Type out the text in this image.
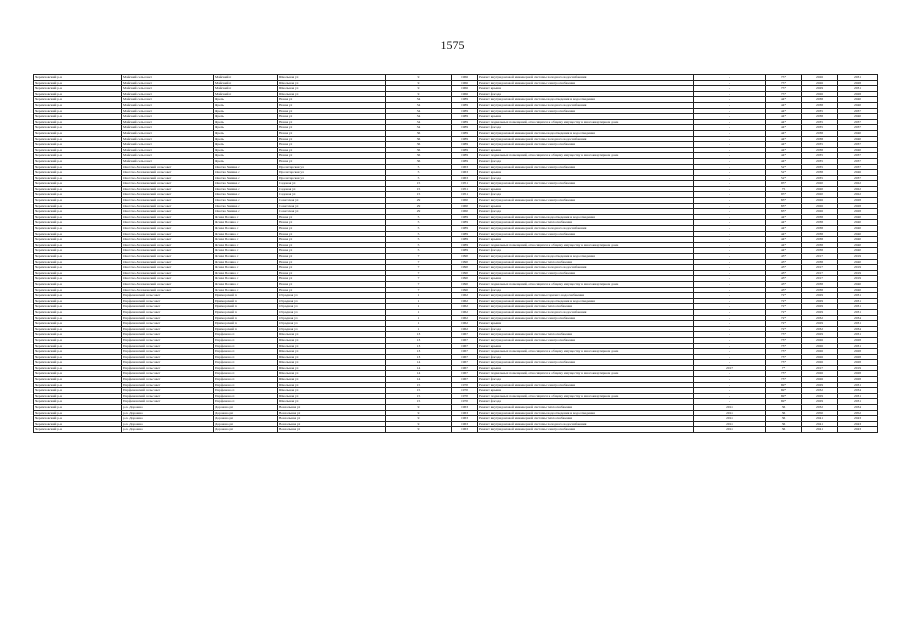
1575
Черемховский р-н	Майский сельсовет	Майский п	Школьная ул	9	1966	Ремонт внутридомовой инженерной системы холодного водоснабжения	-	75*	2026	2031
Черемховский р-н	Майский сельсовет	Майский п	Школьная ул	9	1966	Ремонт внутридомовой инженерной системы электроснабжения	-	75*	2026	2028
Черемховский р-н	Майский сельсовет	Майский п	Школьная ул	9	1966	Ремонт крыши	-	75*	2029	2031
Черемховский р-н	Майский сельсовет	Майский п	Школьная ул	9	1966	Ремонт фасада	-	75*	2026	2028
Черемховский р-н	Майский сельсовет	Ярель	Новая ул	34	1989	Ремонт внутридомовой инженерной системы водоотведения и водоотведения	-	44*	2038	2040
Черемховский р-н	Майский сельсовет	Ярель	Новая ул	34	1989	Ремонт внутридомовой инженерной системы холодного водоснабжения	-	44*	2038	2040
Черемховский р-н	Майский сельсовет	Ярель	Новая ул	34	1989	Ремонт внутридомовой инженерной системы электроснабжения	-	44*	2035	2037
Черемховский р-н	Майский сельсовет	Ярель	Новая ул	34	1989	Ремонт крыши	-	44*	2038	2040
Черемховский р-н	Майский сельсовет	Ярель	Новая ул	34	1989	Ремонт подвальных помещений, относящихся к общему имуществу в многоквартирном доме	-	44*	2035	2037
Черемховский р-н	Майский сельсовет	Ярель	Новая ул	34	1989	Ремонт фасада	-	44*	2035	2037
Черемховский р-н	Майский сельсовет	Ярель	Новая ул	36	1989	Ремонт внутридомовой инженерной системы водоотведения и водоотведения	-	44*	2038	2040
Черемховский р-н	Майский сельсовет	Ярель	Новая ул	36	1989	Ремонт внутридомовой инженерной системы холодного водоснабжения	-	44*	2038	2040
Черемховский р-н	Майский сельсовет	Ярель	Новая ул	36	1989	Ремонт внутридомовой инженерной системы электроснабжения	-	44*	2035	2037
Черемховский р-н	Майский сельсовет	Ярель	Новая ул	36	1989	Ремонт крыши	-	44*	2038	2040
Черемховский р-н	Майский сельсовет	Ярель	Новая ул	36	1989	Ремонт подвальных помещений, относящихся к общему имуществу в многоквартирном доме	-	44*	2035	2037
Черемховский р-н	Майский сельсовет	Ярель	Новая ул	36	1989	Ремонт фасада	-	44*	2035	2037
Черемховский р-н	Онотско-Заломовский сельсовет	Онотка Заимка с	Пролетарская ул	5	1963	Ремонт внутридомовой инженерной системы электроснабжения	-	52*	2035	2037
Черемховский р-н	Онотско-Заломовский сельсовет	Онотка Заимка с	Пролетарская ул	5	1963	Ремонт крыши	-	52*	2038	2046
Черемховский р-н	Онотско-Заломовский сельсовет	Онотка Заимка с	Пролетарская ул	5	1963	Ремонт фасада	-	52*	2035	2037
Черемховский р-н	Онотско-Заломовский сельсовет	Онотка Заимка с	Садовая ул	15	1951	Ремонт внутридомовой инженерной системы электроснабжения	-	95*	2020	2022
Черемховский р-н	Онотско-Заломовский сельсовет	Онотка Заимка с	Садовая ул	15	1951	Ремонт крыши	-	75	2020	2022
Черемховский р-н	Онотско-Заломовский сельсовет	Онотка Заимка с	Садовая ул	15	1951	Ремонт фасада	-	95*	2020	2022
Черемховский р-н	Онотско-Заломовский сельсовет	Онотка Заимка с	Советская ул	29	1960	Ремонт внутридомовой инженерной системы электроснабжения	-	83*	2026	2028
Черемховский р-н	Онотско-Заломовский сельсовет	Онотка Заимка с	Советская ул	29	1960	Ремонт крыши	-	83*	2026	2028
Черемховский р-н	Онотско-Заломовский сельсовет	Онотка Заимка с	Советская ул	29	1960	Ремонт фасада	-	83*	2026	2028
Черемховский р-н	Онотско-Заломовский сельсовет	Ясная Поляна с	Новая ул	5	1989	Ремонт внутридомовой инженерной системы водоотведения и водоотведения	-	44*	2038	2040
Черемховский р-н	Онотско-Заломовский сельсовет	Ясная Поляна с	Новая ул	5	1989	Ремонт внутридомовой инженерной системы теплоснабжения	-	44*	2038	2040
Черемховский р-н	Онотско-Заломовский сельсовет	Ясная Поляна с	Новая ул	5	1989	Ремонт внутридомовой инженерной системы холодного водоснабжения	-	44*	2038	2040
Черемховский р-н	Онотско-Заломовский сельсовет	Ясная Поляна с	Новая ул	5	1989	Ремонт внутридомовой инженерной системы электроснабжения	-	44*	2038	2040
Черемховский р-н	Онотско-Заломовский сельсовет	Ясная Поляна с	Новая ул	5	1989	Ремонт крыши	-	44*	2038	2040
Черемховский р-н	Онотско-Заломовский сельсовет	Ясная Поляна с	Новая ул	5	1989	Ремонт подвальных помещений, относящихся к общему имуществу в многоквартирном доме	-	44*	2038	2040
Черемховский р-н	Онотско-Заломовский сельсовет	Ясная Поляна с	Новая ул	5	1989	Ремонт фасада	-	44*	2038	2040
Черемховский р-н	Онотско-Заломовский сельсовет	Ясная Поляна с	Новая ул	7	1990	Ремонт внутридомовой инженерной системы водоотведения и водоотведения	-	43*	2017	2019
Черемховский р-н	Онотско-Заломовский сельсовет	Ясная Поляна с	Новая ул	7	1990	Ремонт внутридомовой инженерной системы теплоснабжения	-	43*	2038	2040
Черемховский р-н	Онотско-Заломовский сельсовет	Ясная Поляна с	Новая ул	7	1990	Ремонт внутридомовой инженерной системы холодного водоснабжения	-	43*	2017	2019
Черемховский р-н	Онотско-Заломовский сельсовет	Ясная Поляна с	Новая ул	7	1990	Ремонт внутридомовой инженерной системы электроснабжения	-	43*	2017	2019
Черемховский р-н	Онотско-Заломовский сельсовет	Ясная Поляна с	Новая ул	7	1990	Ремонт крыши	-	43*	2017	2019
Черемховский р-н	Онотско-Заломовский сельсовет	Ясная Поляна с	Новая ул	7	1990	Ремонт подвальных помещений, относящихся к общему имуществу в многоквартирном доме	-	43*	2038	2040
Черемховский р-н	Онотско-Заломовский сельсовет	Ясная Поляна с	Новая ул	7	1990	Ремонт фасада	-	43*	2038	2040
Черемховский р-н	Парфеновский сельсовет	Приморский п	Отрадная ул	1	1962	Ремонт внутридомовой инженерной системы горячего водоснабжения	-	72*	2029	2031
Черемховский р-н	Парфеновский сельсовет	Приморский п	Отрадная ул	1	1962	Ремонт внутридомовой инженерной системы водоотведения и водоотведения	-	72*	2029	2031
Черемховский р-н	Парфеновский сельсовет	Приморский п	Отрадная ул	1	1962	Ремонт внутридомовой инженерной системы теплоснабжения	-	72*	2029	2031
Черемховский р-н	Парфеновский сельсовет	Приморский п	Отрадная ул	1	1962	Ремонт внутридомовой инженерной системы холодного водоснабжения	-	72*	2029	2031
Черемховский р-н	Парфеновский сельсовет	Приморский п	Отрадная ул	1	1962	Ремонт внутридомовой инженерной системы электроснабжения	-	72*	2032	2034
Черемховский р-н	Парфеновский сельсовет	Приморский п	Отрадная ул	1	1962	Ремонт крыши	-	72*	2029	2031
Черемховский р-н	Парфеновский сельсовет	Приморский п	Отрадная ул	1	1962	Ремонт фасада	-	72*	2032	2034
Черемховский р-н	Парфеновский сельсовет	Парфеново п	Школьная ул	13	1967	Ремонт внутридомовой инженерной системы теплоснабжения	-	73*	2029	2031
Черемховский р-н	Парфеновский сельсовет	Парфеново п	Школьная ул	13	1967	Ремонт внутридомовой инженерной системы электроснабжения	-	73*	2026	2028
Черемховский р-н	Парфеновский сельсовет	Парфеново п	Школьная ул	13	1967	Ремонт крыши	-	73*	2026	2031
Черемховский р-н	Парфеновский сельсовет	Парфеново п	Школьная ул	13	1967	Ремонт подвальных помещений, относящихся к общему имуществу в многоквартирном доме	-	73*	2026	2028
Черемховский р-н	Парфеновский сельсовет	Парфеново п	Школьная ул	13	1967	Ремонт фасада	-	73*	2026	2028
Черемховский р-н	Парфеновский сельсовет	Парфеново п	Школьная ул	14	1967	Ремонт внутридомовой инженерной системы электроснабжения	-	73*	2026	2028
Черемховский р-н	Парфеновский сельсовет	Парфеново п	Школьная ул	14	1967	Ремонт крыши	2017	7*	2017	2019
Черемховский р-н	Парфеновский сельсовет	Парфеново п	Школьная ул	14	1967	Ремонт подвальных помещений, относящихся к общему имуществу в многоквартирном доме	-	73*	2026	2028
Черемховский р-н	Парфеновский сельсовет	Парфеново п	Школьная ул	14	1967	Ремонт фасада	-	73*	2026	2028
Черемховский р-н	Парфеновский сельсовет	Парфеново п	Школьная ул	15	1970	Ремонт внутридомовой инженерной системы электроснабжения	-	69*	2029	2031
Черемховский р-н	Парфеновский сельсовет	Парфеново п	Школьная ул	15	1970	Ремонт крыши	-	69*	2032	2034
Черемховский р-н	Парфеновский сельсовет	Парфеново п	Школьная ул	15	1970	Ремонт подвальных помещений, относящихся к общему имуществу в многоквартирном доме	-	69*	2029	2031
Черемховский р-н	Парфеновский сельсовет	Парфеново п	Школьная ул	15	1970	Ремонт фасада	-	69*	2029	2031
Черемховский р-н	р.п. Дорожно	Дорожно рп	Вокзальная ул	9	1963	Ремонт внутридомовой инженерной системы теплоснабжения	2011	36	2032	2034
Черемховский р-н	р.п. Дорожно	Дорожно рп	Вокзальная ул	9	1963	Ремонт внутридомовой инженерной системы водоотведения и водоотведения	2011	36	2050	2052
Черемховский р-н	р.п. Дорожно	Дорожно рп	Вокзальная ул	9	1963	Ремонт внутридомовой инженерной системы теплоснабжения	2011	36	2041	2043
Черемховский р-н	р.п. Дорожно	Дорожно рп	Вокзальная ул	9	1963	Ремонт внутридомовой инженерной системы холодного водоснабжения	2011	36	2041	2043
Черемховский р-н	р.п. Дорожно	Дорожно рп	Вокзальная ул	9	1963	Ремонт внутридомовой инженерной системы электроснабжения	2011	36	2041	2043
